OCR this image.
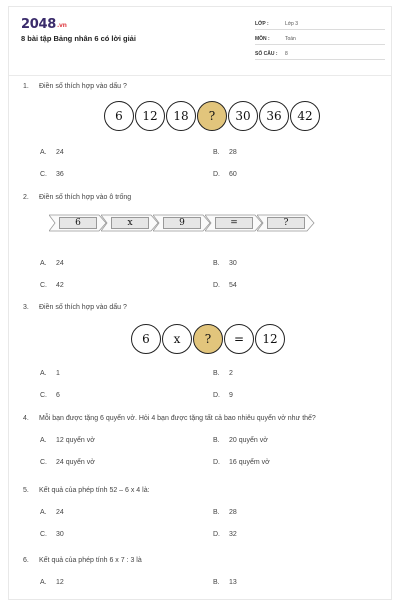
2048.vn
8 bài tập Bảng nhân 6 có lời giải
LỚP :	Lớp 3
MÔN :	Toán
SỐ CÂU :	8
1. Điền số thích hợp vào dấu ?
6	12	18	?	30	36	42
A.	24	B.	28
C.	36	D.	60
2. Điền số thích hợp vào ô trống
6	x	9	=	?
A.	24	B.	30
C.	42	D.	54
3. Điền số thích hợp vào dấu ?
6	x	?	=	12
A.	1	B.	2
C.	6	D.	9
4. Mỗi bạn được tặng 6 quyển vở. Hỏi 4 bạn được tặng tất cả bao nhiêu quyển vở như thế?
A.	12 quyển vở	B.	20 quyển vở
C.	24 quyển vở	D.	16 quyểm vở
5. Kết quả của phép tính 52 – 6 x 4 là:
A.	24	B.	28
C.	30	D.	32
6. Kết quả của phép tính 6 x 7 : 3 là
A.	12	B.	13
